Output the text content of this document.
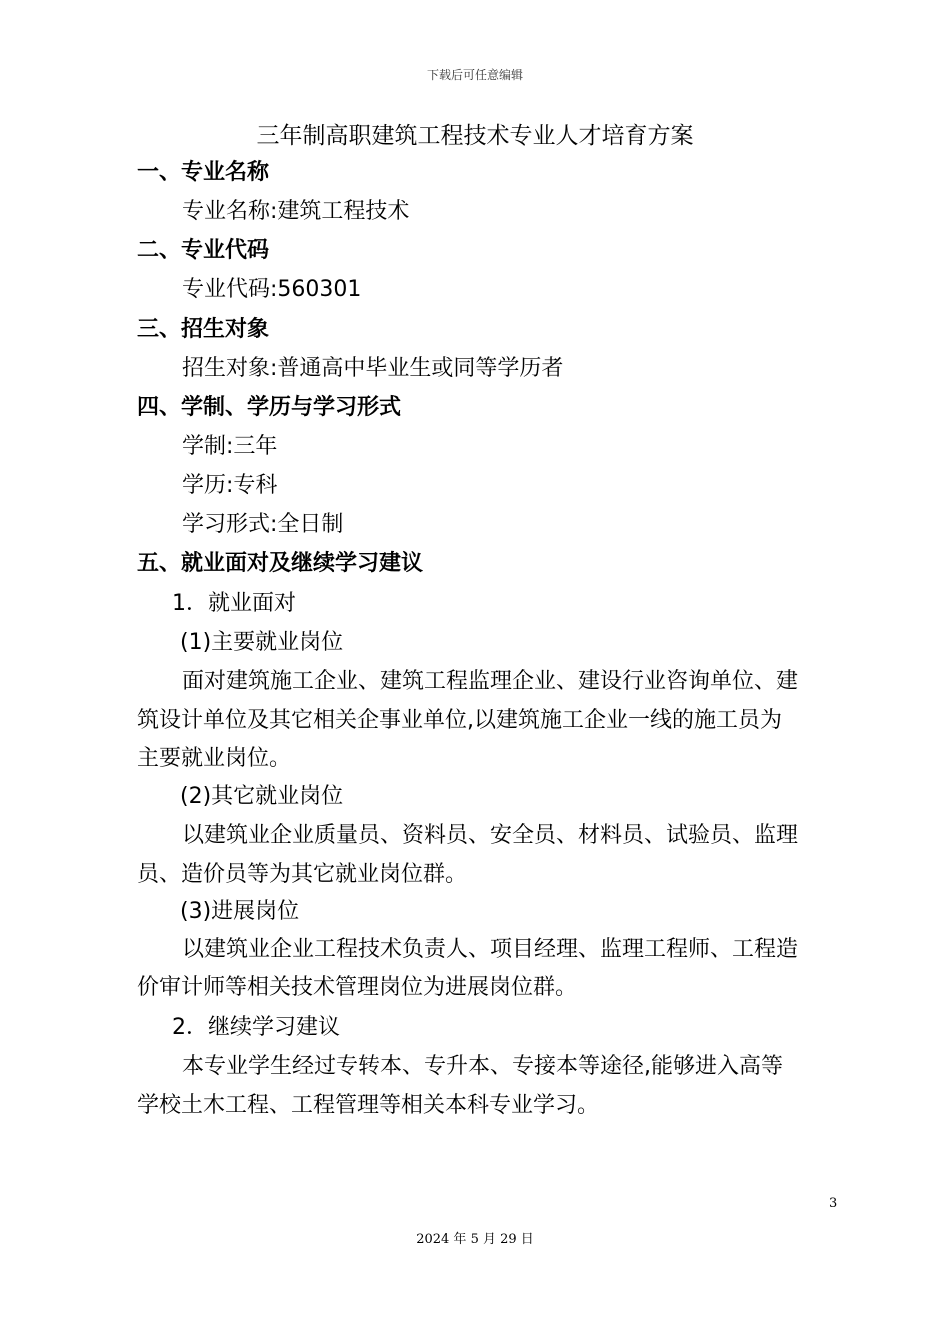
下载后可任意编辑
三年制高职建筑工程技术专业人才培育方案
一、专业名称
专业名称:建筑工程技术
二、专业代码
专业代码:560301
三、招生对象
招生对象:普通高中毕业生或同等学历者
四、学制、学历与学习形式
学制:三年
学历:专科
学习形式:全日制
五、就业面对及继续学习建议
1．就业面对
(1)主要就业岗位
面对建筑施工企业、建筑工程监理企业、建设行业咨询单位、建
筑设计单位及其它相关企事业单位,以建筑施工企业一线的施工员为
主要就业岗位。
(2)其它就业岗位
以建筑业企业质量员、资料员、安全员、材料员、试验员、监理
员、造价员等为其它就业岗位群。
(3)进展岗位
以建筑业企业工程技术负责人、项目经理、监理工程师、工程造
价审计师等相关技术管理岗位为进展岗位群。
2．继续学习建议
本专业学生经过专转本、专升本、专接本等途径,能够进入高等
学校土木工程、工程管理等相关本科专业学习。
3
2024 年 5 月 29 日
